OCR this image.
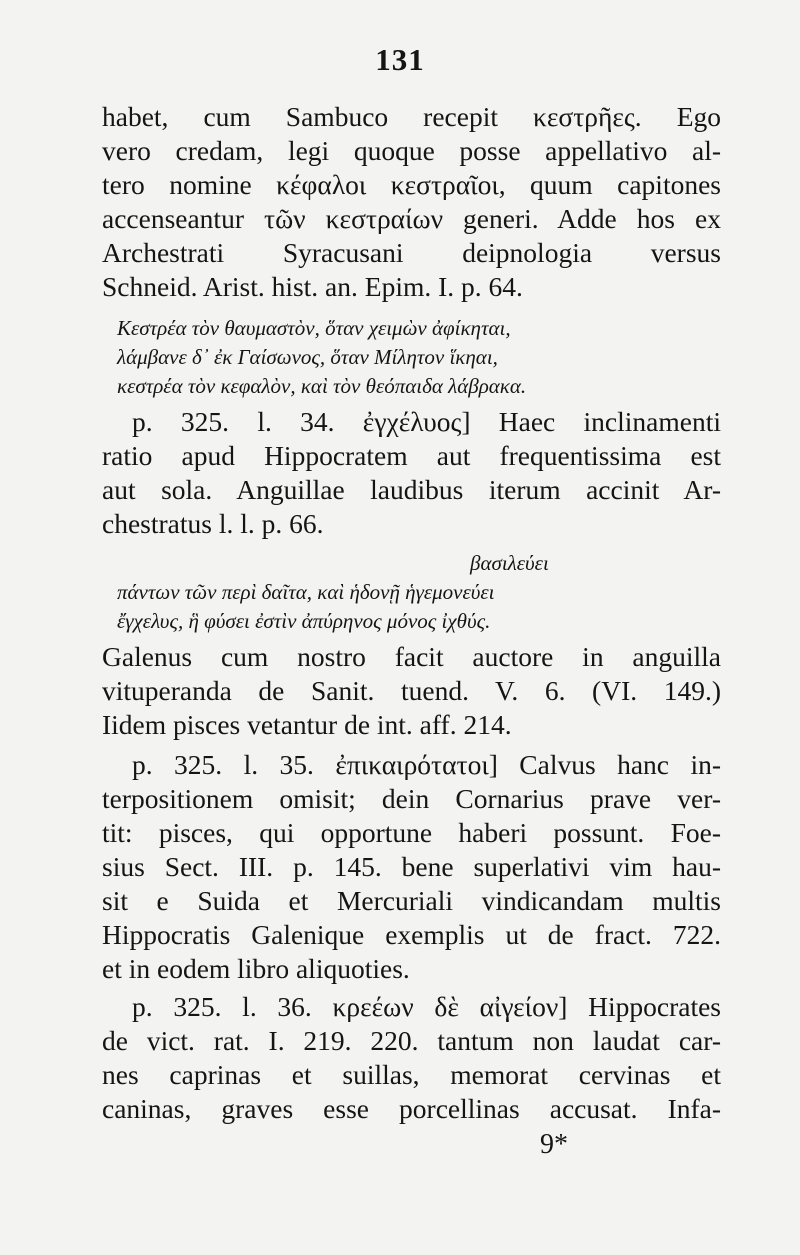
131
habet, cum Sambuco recepit κεστρῆες. Ego
vero credam, legi quoque posse appellativo al-
tero nomine κέφαλοι κεστραῖοι, quum capitones
accenseantur τῶν κεστραίων generi. Adde hos ex
Archestrati Syracusani deipnologia versus
Schneid. Arist. hist. an. Epim. I. p. 64.
Κεστρέα τὸν θαυμαστὸν, ὅταν χειμὼν ἀφίκηται,
λάμβανε δ᾽ ἐκ Γαίσωνος, ὅταν Μίλητον ἵκηαι,
κεστρέα τὸν κεφαλὸν, καὶ τὸν θεόπαιδα λάβρακα.
p. 325. l. 34. ἐγχέλυος] Haec inclinamenti
ratio apud Hippocratem aut frequentissima est
aut sola. Anguillae laudibus iterum accinit Ar-
chestratus l. l. p. 66.
βασιλεύει
πάντων τῶν περὶ δαῖτα, καὶ ἡδονῇ ἡγεμονεύει
ἔγχελυς, ἣ φύσει ἐστὶν ἀπύρηνος μόνος ἰχθύς.
Galenus cum nostro facit auctore in anguilla
vituperanda de Sanit. tuend. V. 6. (VI. 149.)
Iidem pisces vetantur de int. aff. 214.
p. 325. l. 35. ἐπικαιρότατοι] Calvus hanc in-
terpositionem omisit; dein Cornarius prave ver-
tit: pisces, qui opportune haberi possunt. Foe-
sius Sect. III. p. 145. bene superlativi vim hau-
sit e Suida et Mercuriali vindicandam multis
Hippocratis Galenique exemplis ut de fract. 722.
et in eodem libro aliquoties.
p. 325. l. 36. κρεέων δὲ αἰγείον] Hippocrates
de vict. rat. I. 219. 220. tantum non laudat car-
nes caprinas et suillas, memorat cervinas et
caninas, graves esse porcellinas accusat. Infa-
9*
